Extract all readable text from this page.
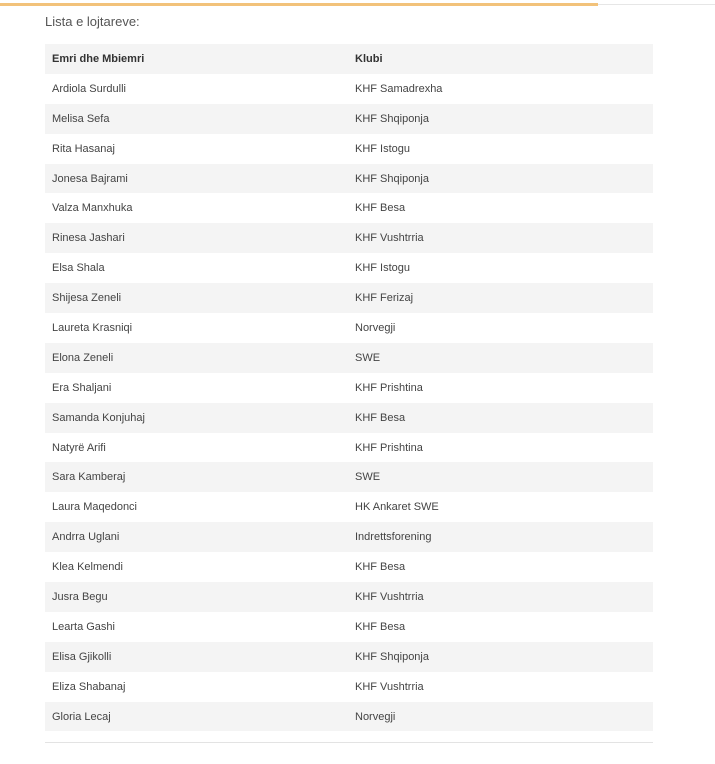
Lista e lojtareve:
Emri dhe Mbiemri	Klubi
Ardiola Surdulli	KHF Samadrexha
Melisa Sefa	KHF Shqiponja
Rita Hasanaj	KHF Istogu
Jonesa Bajrami	KHF Shqiponja
Valza Manxhuka	KHF Besa
Rinesa Jashari	KHF Vushtrria
Elsa Shala	KHF Istogu
Shijesa Zeneli	KHF Ferizaj
Laureta Krasniqi	Norvegji
Elona Zeneli	SWE
Era Shaljani	KHF Prishtina
Samanda Konjuhaj	KHF Besa
Natyrë Arifi	KHF Prishtina
Sara Kamberaj	SWE
Laura Maqedonci	HK Ankaret SWE
Andrra Uglani	Indrettsforening
Klea Kelmendi	KHF Besa
Jusra Begu	KHF Vushtrria
Learta Gashi	KHF Besa
Elisa Gjikolli	KHF Shqiponja
Eliza Shabanaj	KHF Vushtrria
Gloria Lecaj	Norvegji
